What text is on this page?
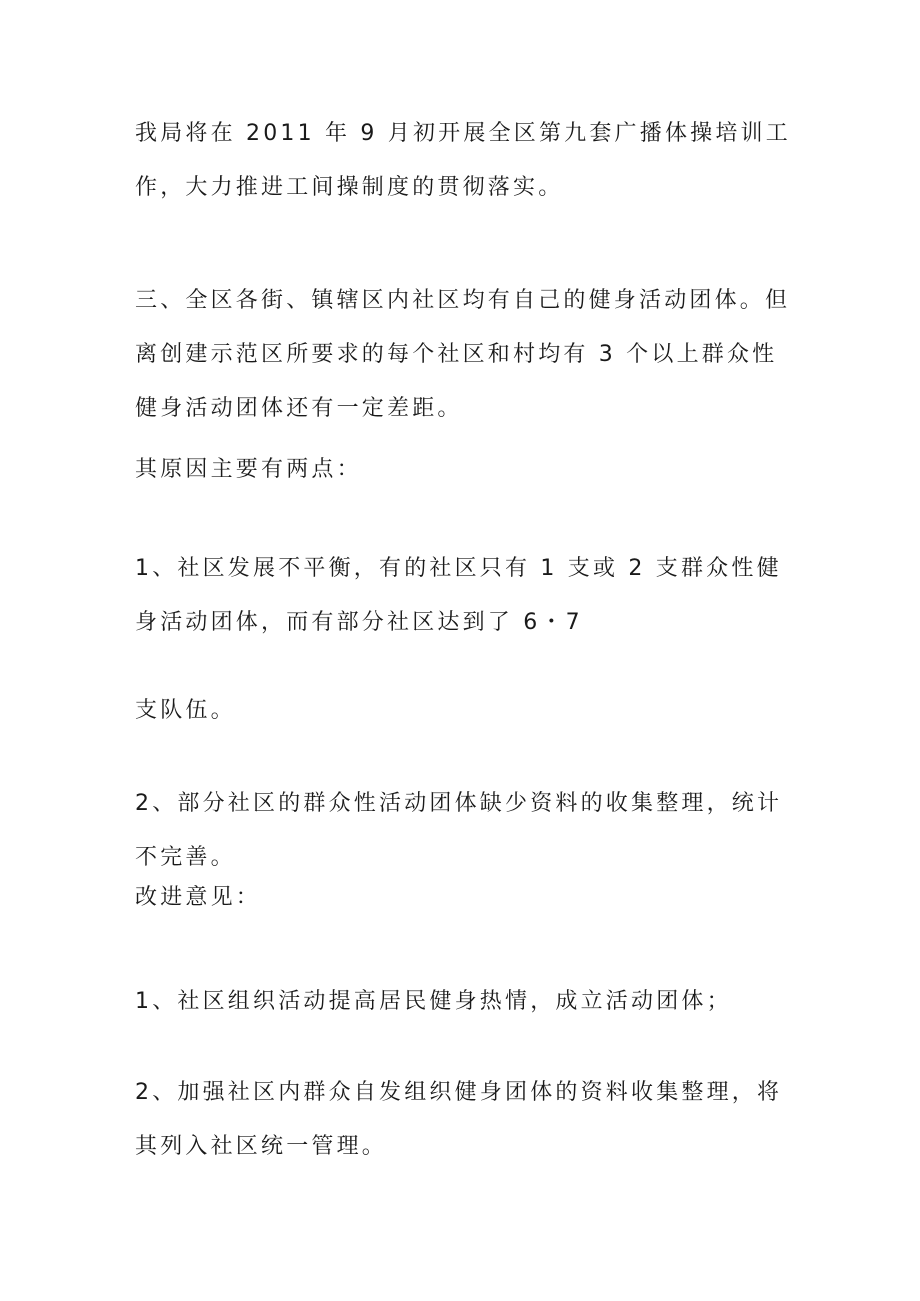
我局将在 2011 年 9 月初开展全区第九套广播体操培训工作，大力推进工间操制度的贯彻落实。

三、全区各街、镇辖区内社区均有自己的健身活动团体。但离创建示范区所要求的每个社区和村均有 3 个以上群众性健身活动团体还有一定差距。

其原因主要有两点：

1、社区发展不平衡，有的社区只有 1 支或 2 支群众性健身活动团体，而有部分社区达到了 6・7

支队伍。

2、部分社区的群众性活动团体缺少资料的收集整理，统计不完善。

改进意见：

1、社区组织活动提高居民健身热情，成立活动团体；

2、加强社区内群众自发组织健身团体的资料收集整理，将其列入社区统一管理。
